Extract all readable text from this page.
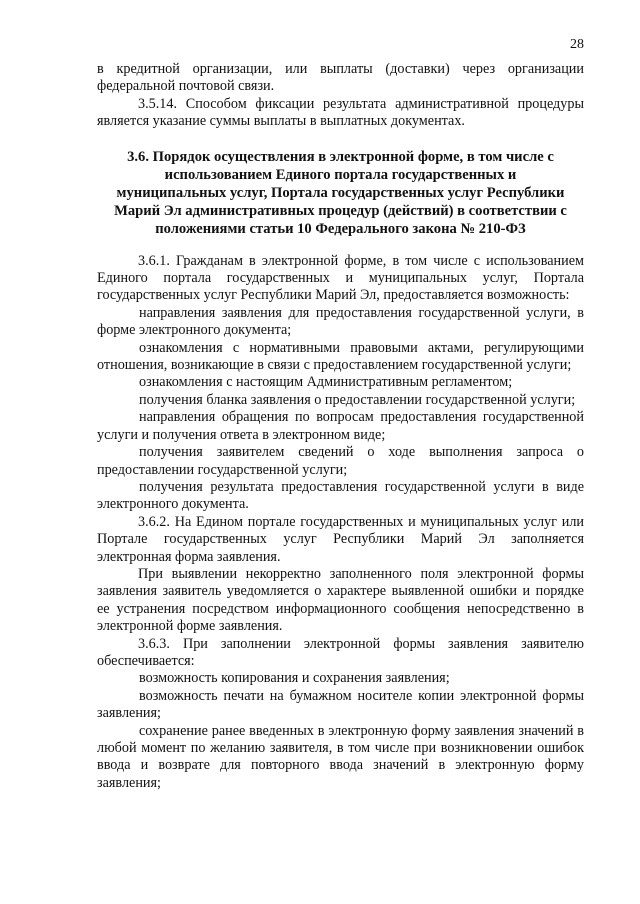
28

в кредитной организации, или выплаты (доставки) через организации федеральной почтовой связи.

3.5.14. Способом фиксации результата административной процедуры является указание суммы выплаты в выплатных документах.

3.6. Порядок осуществления в электронной форме, в том числе с использованием Единого портала государственных и муниципальных услуг, Портала государственных услуг Республики Марий Эл административных процедур (действий) в соответствии с положениями статьи 10 Федерального закона № 210-ФЗ

3.6.1. Гражданам в электронной форме, в том числе с использованием Единого портала государственных и муниципальных услуг, Портала государственных услуг Республики Марий Эл, предоставляется возможность:

направления заявления для предоставления государственной услуги, в форме электронного документа;

ознакомления с нормативными правовыми актами, регулирующими отношения, возникающие в связи с предоставлением государственной услуги;

ознакомления с настоящим Административным регламентом;

получения бланка заявления о предоставлении государственной услуги;

направления обращения по вопросам предоставления государственной услуги и получения ответа в электронном виде;

получения заявителем сведений о ходе выполнения запроса о предоставлении государственной услуги;

получения результата предоставления государственной услуги в виде электронного документа.

3.6.2. На Едином портале государственных и муниципальных услуг или Портале государственных услуг Республики Марий Эл заполняется электронная форма заявления.

При выявлении некорректно заполненного поля электронной формы заявления заявитель уведомляется о характере выявленной ошибки и порядке ее устранения посредством информационного сообщения непосредственно в электронной форме заявления.

3.6.3. При заполнении электронной формы заявления заявителю обеспечивается:

возможность копирования и сохранения заявления;

возможность печати на бумажном носителе копии электронной формы заявления;

сохранение ранее введенных в электронную форму заявления значений в любой момент по желанию заявителя, в том числе при возникновении ошибок ввода и возврате для повторного ввода значений в электронную форму заявления;
